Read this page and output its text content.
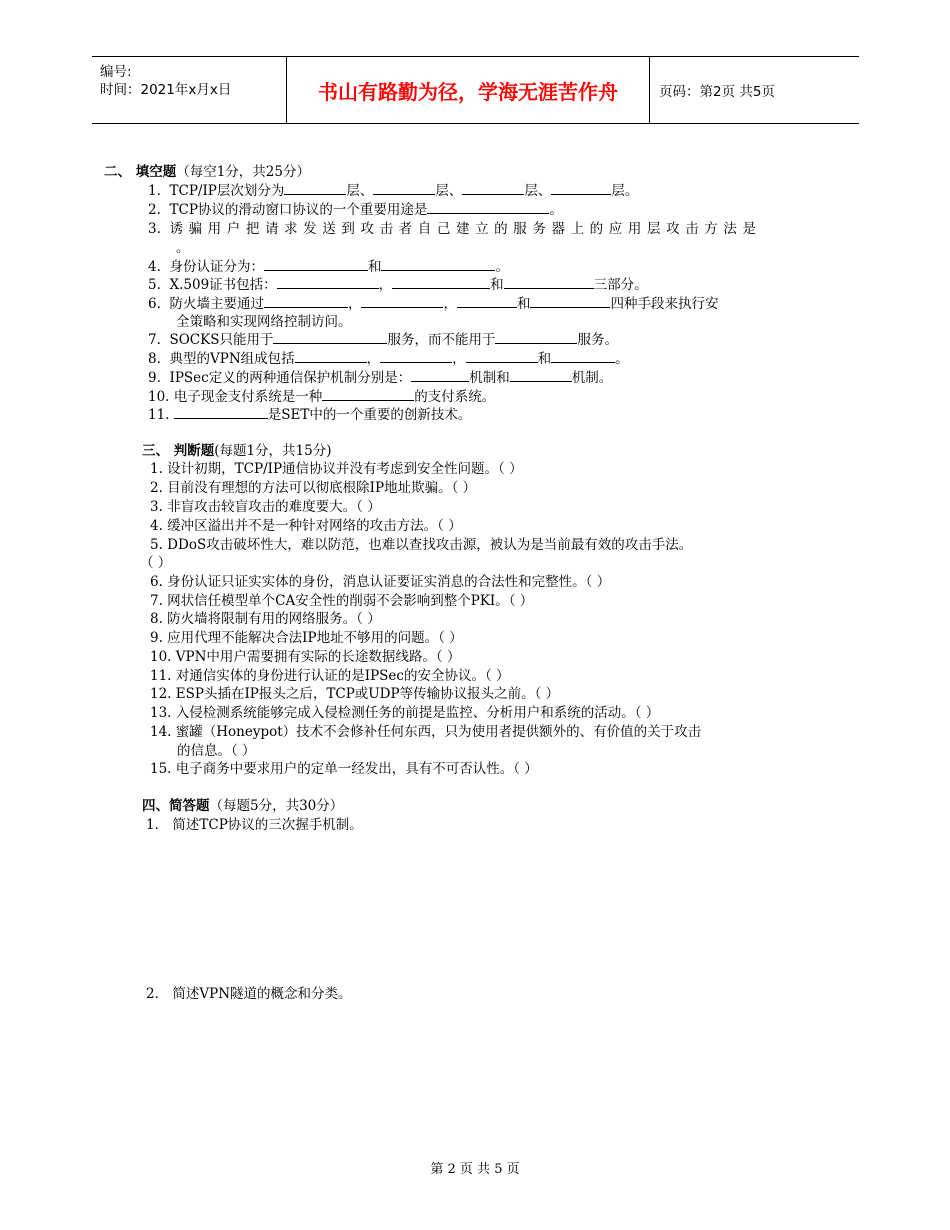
编号:
时间：2021年x月x日	书山有路勤为径，学海无涯苦作舟	页码：第2页 共5页
二、 填空题（每空1分，共25分）
1. TCP/IP层次划分为	层、	层、	层、	层。
2. TCP协议的滑动窗口协议的一个重要用途是	。
3. 诱骗用户把请求发送到攻击者自己建立的服务器上的应用层攻击方法是
。
4. 身份认证分为：	和	。
5. X.509证书包括：	，	和	三部分。
6. 防火墙主要通过	，	，	和	四种手段来执行安
全策略和实现网络控制访问。
7. SOCKS只能用于	服务，而不能用于	服务。
8. 典型的VPN组成包括	，	，	和	。
9. IPSec定义的两种通信保护机制分别是：	机制和	机制。
10. 电子现金支付系统是一种	的支付系统。
11.	是SET中的一个重要的创新技术。
三、 判断题(每题1分，共15分)
1. 设计初期，TCP/IP通信协议并没有考虑到安全性问题。（ ）
2. 目前没有理想的方法可以彻底根除IP地址欺骗。（ ）
3. 非盲攻击较盲攻击的难度要大。（ ）
4. 缓冲区溢出并不是一种针对网络的攻击方法。（ ）
5. DDoS攻击破坏性大，难以防范，也难以查找攻击源，被认为是当前最有效的攻击手法。
（ ）
6. 身份认证只证实实体的身份，消息认证要证实消息的合法性和完整性。（ ）
7. 网状信任模型单个CA安全性的削弱不会影响到整个PKI。（ ）
8. 防火墙将限制有用的网络服务。（ ）
9. 应用代理不能解决合法IP地址不够用的问题。（ ）
10. VPN中用户需要拥有实际的长途数据线路。（ ）
11. 对通信实体的身份进行认证的是IPSec的安全协议。（ ）
12. ESP头插在IP报头之后，TCP或UDP等传输协议报头之前。（ ）
13. 入侵检测系统能够完成入侵检测任务的前提是监控、分析用户和系统的活动。（ ）
14. 蜜罐（Honeypot）技术不会修补任何东西，只为使用者提供额外的、有价值的关于攻击
的信息。（ ）
15. 电子商务中要求用户的定单一经发出，具有不可否认性。（ ）
四、简答题（每题5分，共30分）
1． 简述TCP协议的三次握手机制。
2． 简述VPN隧道的概念和分类。
第 2 页 共 5 页
